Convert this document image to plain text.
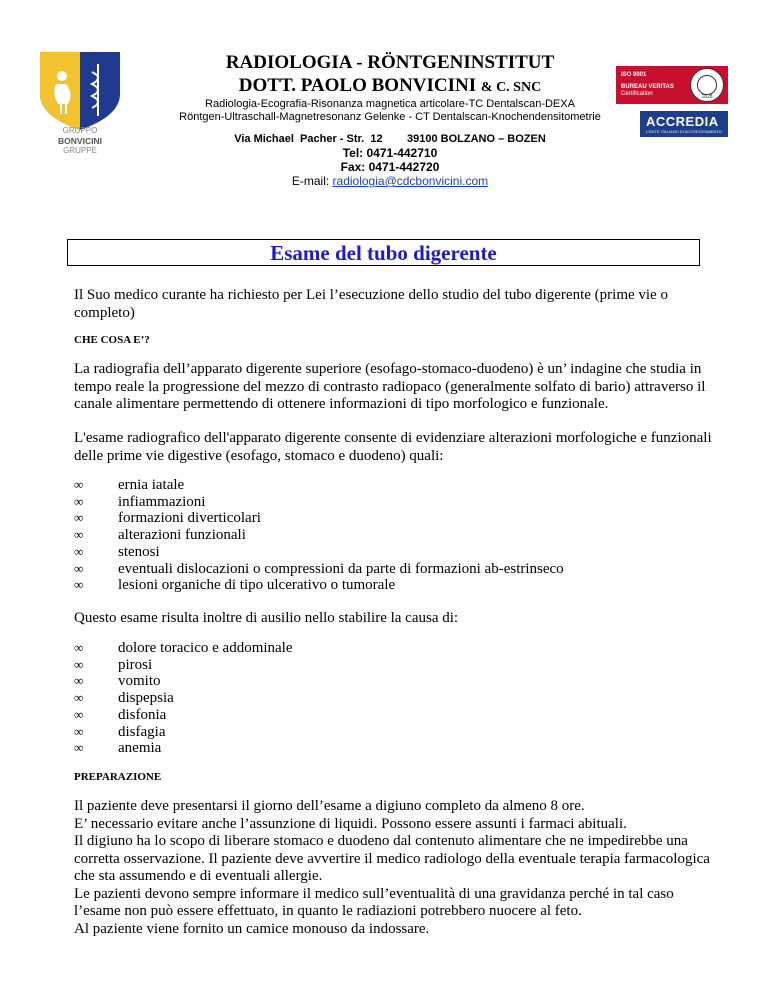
GRUPPO
BONVICINI
GRUPPE
RADIOLOGIA - RÖNTGENINSTITUT
DOTT. PAOLO BONVICINI & C. SNC
Radiologia-Ecografia-Risonanza magnetica articolare-TC Dentalscan-DEXA
Röntgen-Ultraschall-Magnetresonanz Gelenke - CT Dentalscan-Knochendensitometrie
Via Michael  Pacher - Str.  12        39100 BOLZANO – BOZEN
Tel: 0471-442710
Fax: 0471-442720
E-mail: radiologia@cdcbonvicini.com
ISO 9001
BUREAU VERITAS
Certification	1828
ACCREDIA
L'ENTE ITALIANO DI ACCREDITAMENTO
Esame del tubo digerente
Il Suo medico curante ha richiesto per Lei l’esecuzione dello studio del tubo digerente (prime vie o completo)
CHE COSA E’?
La radiografia dell’apparato digerente superiore (esofago-stomaco-duodeno) è un’ indagine che studia in tempo reale la progressione del mezzo di contrasto radiopaco (generalmente solfato di bario) attraverso il canale alimentare permettendo di ottenere informazioni di tipo morfologico e funzionale.
L'esame radiografico dell'apparato digerente consente di evidenziare alterazioni morfologiche e funzionali delle prime vie digestive (esofago, stomaco e duodeno) quali:
∞ ernia iatale
∞ infiammazioni
∞ formazioni diverticolari
∞ alterazioni funzionali
∞ stenosi
∞ eventuali dislocazioni o compressioni da parte di formazioni ab-estrinseco
∞ lesioni organiche di tipo ulcerativo o tumorale
Questo esame risulta inoltre di ausilio nello stabilire la causa di:
∞ dolore toracico e addominale
∞ pirosi
∞ vomito
∞ dispepsia
∞ disfonia
∞ disfagia
∞ anemia
PREPARAZIONE
Il paziente deve presentarsi il giorno dell’esame a digiuno completo da almeno 8 ore.
E’ necessario evitare anche l’assunzione di liquidi. Possono essere assunti i farmaci abituali.
Il digiuno ha lo scopo di liberare stomaco e duodeno dal contenuto alimentare che ne impedirebbe una corretta osservazione. Il paziente deve avvertire il medico radiologo della eventuale terapia farmacologica che sta assumendo e di eventuali allergie.
Le pazienti devono sempre informare il medico sull’eventualità di una gravidanza perché in tal caso l’esame non può essere effettuato, in quanto le radiazioni potrebbero nuocere al feto.
Al paziente viene fornito un camice monouso da indossare.
